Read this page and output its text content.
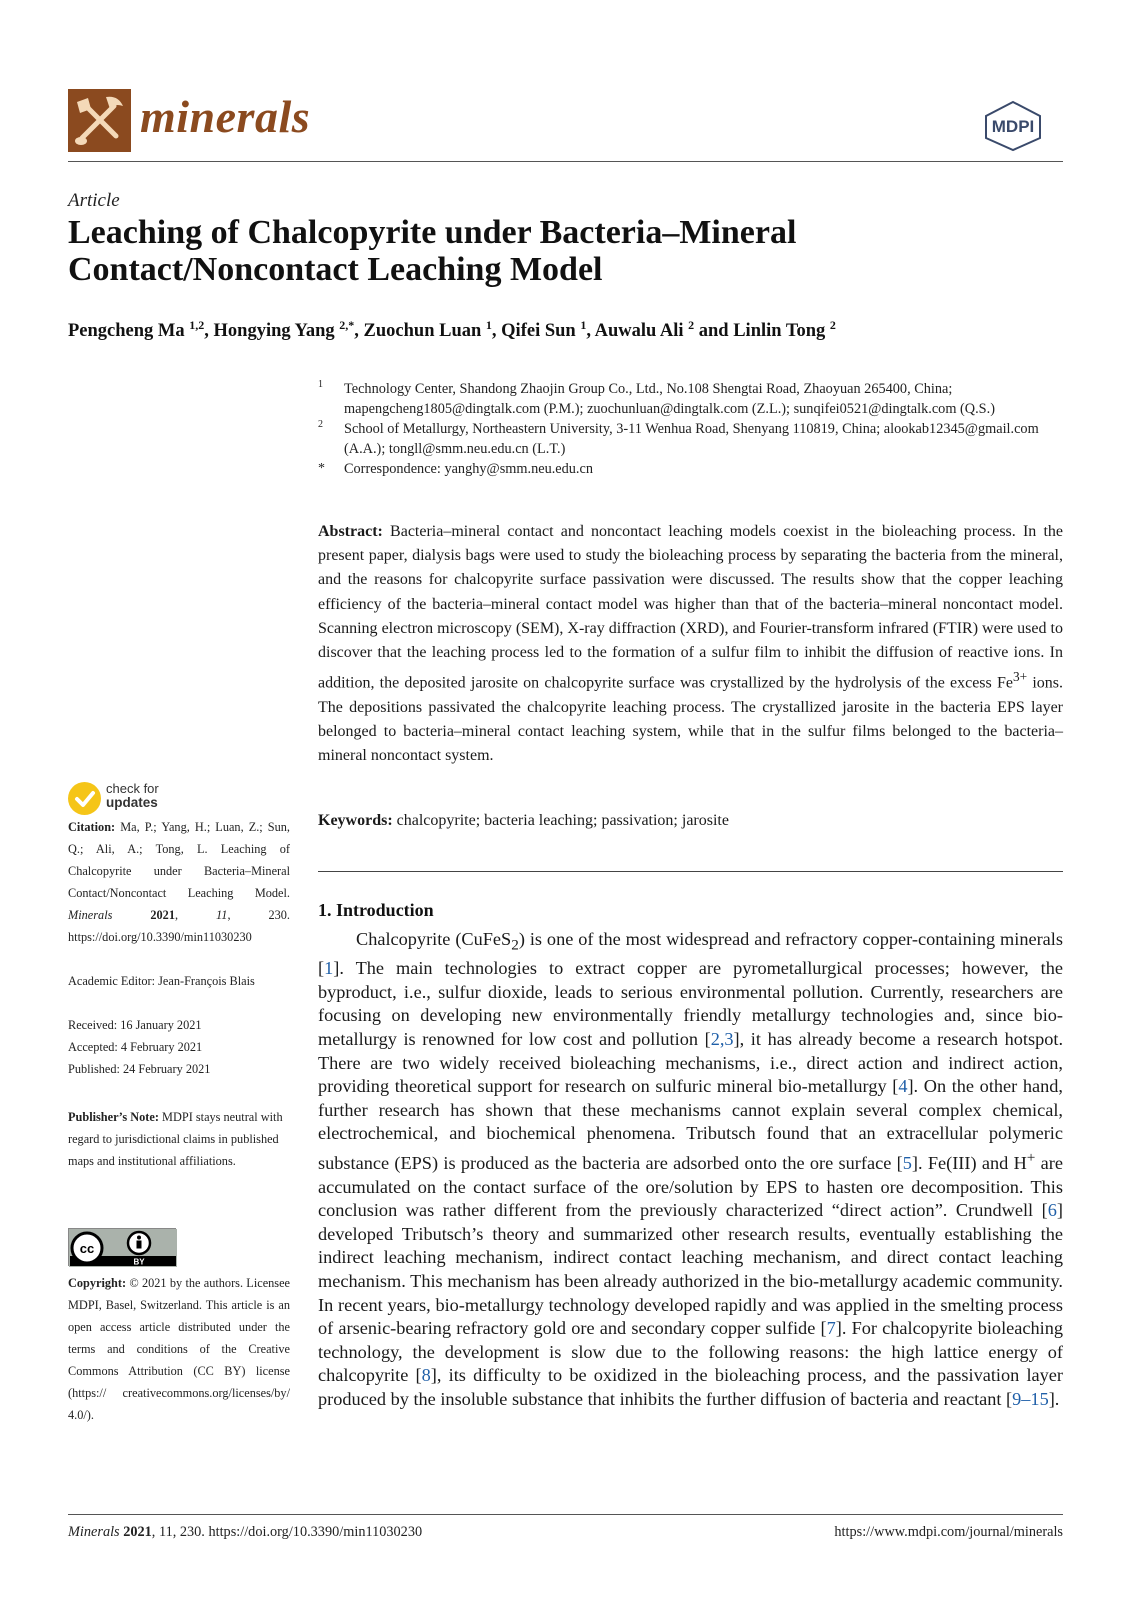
minerals	MDPI
Article
Leaching of Chalcopyrite under Bacteria–Mineral Contact/Noncontact Leaching Model
Pengcheng Ma $^{1,2}$, Hongying Yang $^{2,*}$, Zuochun Luan $^1$, Qifei Sun $^1$, Auwalu Ali $^2$ and Linlin Tong $^2$
1 Technology Center, Shandong Zhaojin Group Co., Ltd., No.108 Shengtai Road, Zhaoyuan 265400, China; mapengcheng1805@dingtalk.com (P.M.); zuochunluan@dingtalk.com (Z.L.); sunqifei0521@dingtalk.com (Q.S.)
2 School of Metallurgy, Northeastern University, 3-11 Wenhua Road, Shenyang 110819, China; alookab12345@gmail.com (A.A.); tongll@smm.neu.edu.cn (L.T.)
* Correspondence: yanghy@smm.neu.edu.cn
Abstract: Bacteria–mineral contact and noncontact leaching models coexist in the bioleaching process. In the present paper, dialysis bags were used to study the bioleaching process by separating the bacteria from the mineral, and the reasons for chalcopyrite surface passivation were discussed. The results show that the copper leaching efficiency of the bacteria–mineral contact model was higher than that of the bacteria–mineral noncontact model. Scanning electron microscopy (SEM), X-ray diffraction (XRD), and Fourier-transform infrared (FTIR) were used to discover that the leaching process led to the formation of a sulfur film to inhibit the diffusion of reactive ions. In addition, the deposited jarosite on chalcopyrite surface was crystallized by the hydrolysis of the excess $Fe^{3+}$ ions. The depositions passivated the chalcopyrite leaching process. The crystallized jarosite in the bacteria EPS layer belonged to bacteria–mineral contact leaching system, while that in the sulfur films belonged to the bacteria–mineral noncontact system.
Keywords: chalcopyrite; bacteria leaching; passivation; jarosite
1. Introduction

Chalcopyrite (CuFeS$_2$) is one of the most widespread and refractory copper-containing minerals [1]. The main technologies to extract copper are pyrometallurgical processes; however, the byproduct, i.e., sulfur dioxide, leads to serious environmental pollution. Currently, researchers are focusing on developing new environmentally friendly metallurgy technologies and, since bio-metallurgy is renowned for low cost and pollution [2,3], it has already become a research hotspot. There are two widely received bioleaching mechanisms, i.e., direct action and indirect action, providing theoretical support for research on sulfuric mineral bio-metallurgy [4]. On the other hand, further research has shown that these mechanisms cannot explain several complex chemical, electrochemical, and biochemical phenomena. Tributsch found that an extracellular polymeric substance (EPS) is produced as the bacteria are adsorbed onto the ore surface [5]. Fe(III) and H+ are accumulated on the contact surface of the ore/solution by EPS to hasten ore decomposition. This conclusion was rather different from the previously characterized “direct action”. Crundwell [6] developed Tributsch’s theory and summarized other research results, eventually establishing the indirect leaching mechanism, indirect contact leaching mechanism, and direct contact leaching mechanism. This mechanism has been already authorized in the bio-metallurgy academic community. In recent years, bio-metallurgy technology developed rapidly and was applied in the smelting process of arsenic-bearing refractory gold ore and secondary copper sulfide [7]. For chalcopyrite bioleaching technology, the development is slow due to the following reasons: the high lattice energy of chalcopyrite [8], its difficulty to be oxidized in the bioleaching process, and the passivation layer produced by the insoluble substance that inhibits the further diffusion of bacteria and reactant [9–15].

check for
updates
Citation: Ma, P.; Yang, H.; Luan, Z.; Sun, Q.; Ali, A.; Tong, L. Leaching of Chalcopyrite under Bacteria–Mineral Contact/Noncontact Leaching Model. Minerals 2021, 11, 230. https://doi.org/10.3390/min11030230
Academic Editor: Jean-François Blais
Received: 16 January 2021
Accepted: 4 February 2021
Published: 24 February 2021
Publisher’s Note: MDPI stays neutral with regard to jurisdictional claims in published maps and institutional affiliations.
cc
BY
Copyright: © 2021 by the authors. Licensee MDPI, Basel, Switzerland. This article is an open access article distributed under the terms and conditions of the Creative Commons Attribution (CC BY) license (https:// creativecommons.org/licenses/by/ 4.0/).
Minerals 2021, 11, 230. https://doi.org/10.3390/min11030230	https://www.mdpi.com/journal/minerals
